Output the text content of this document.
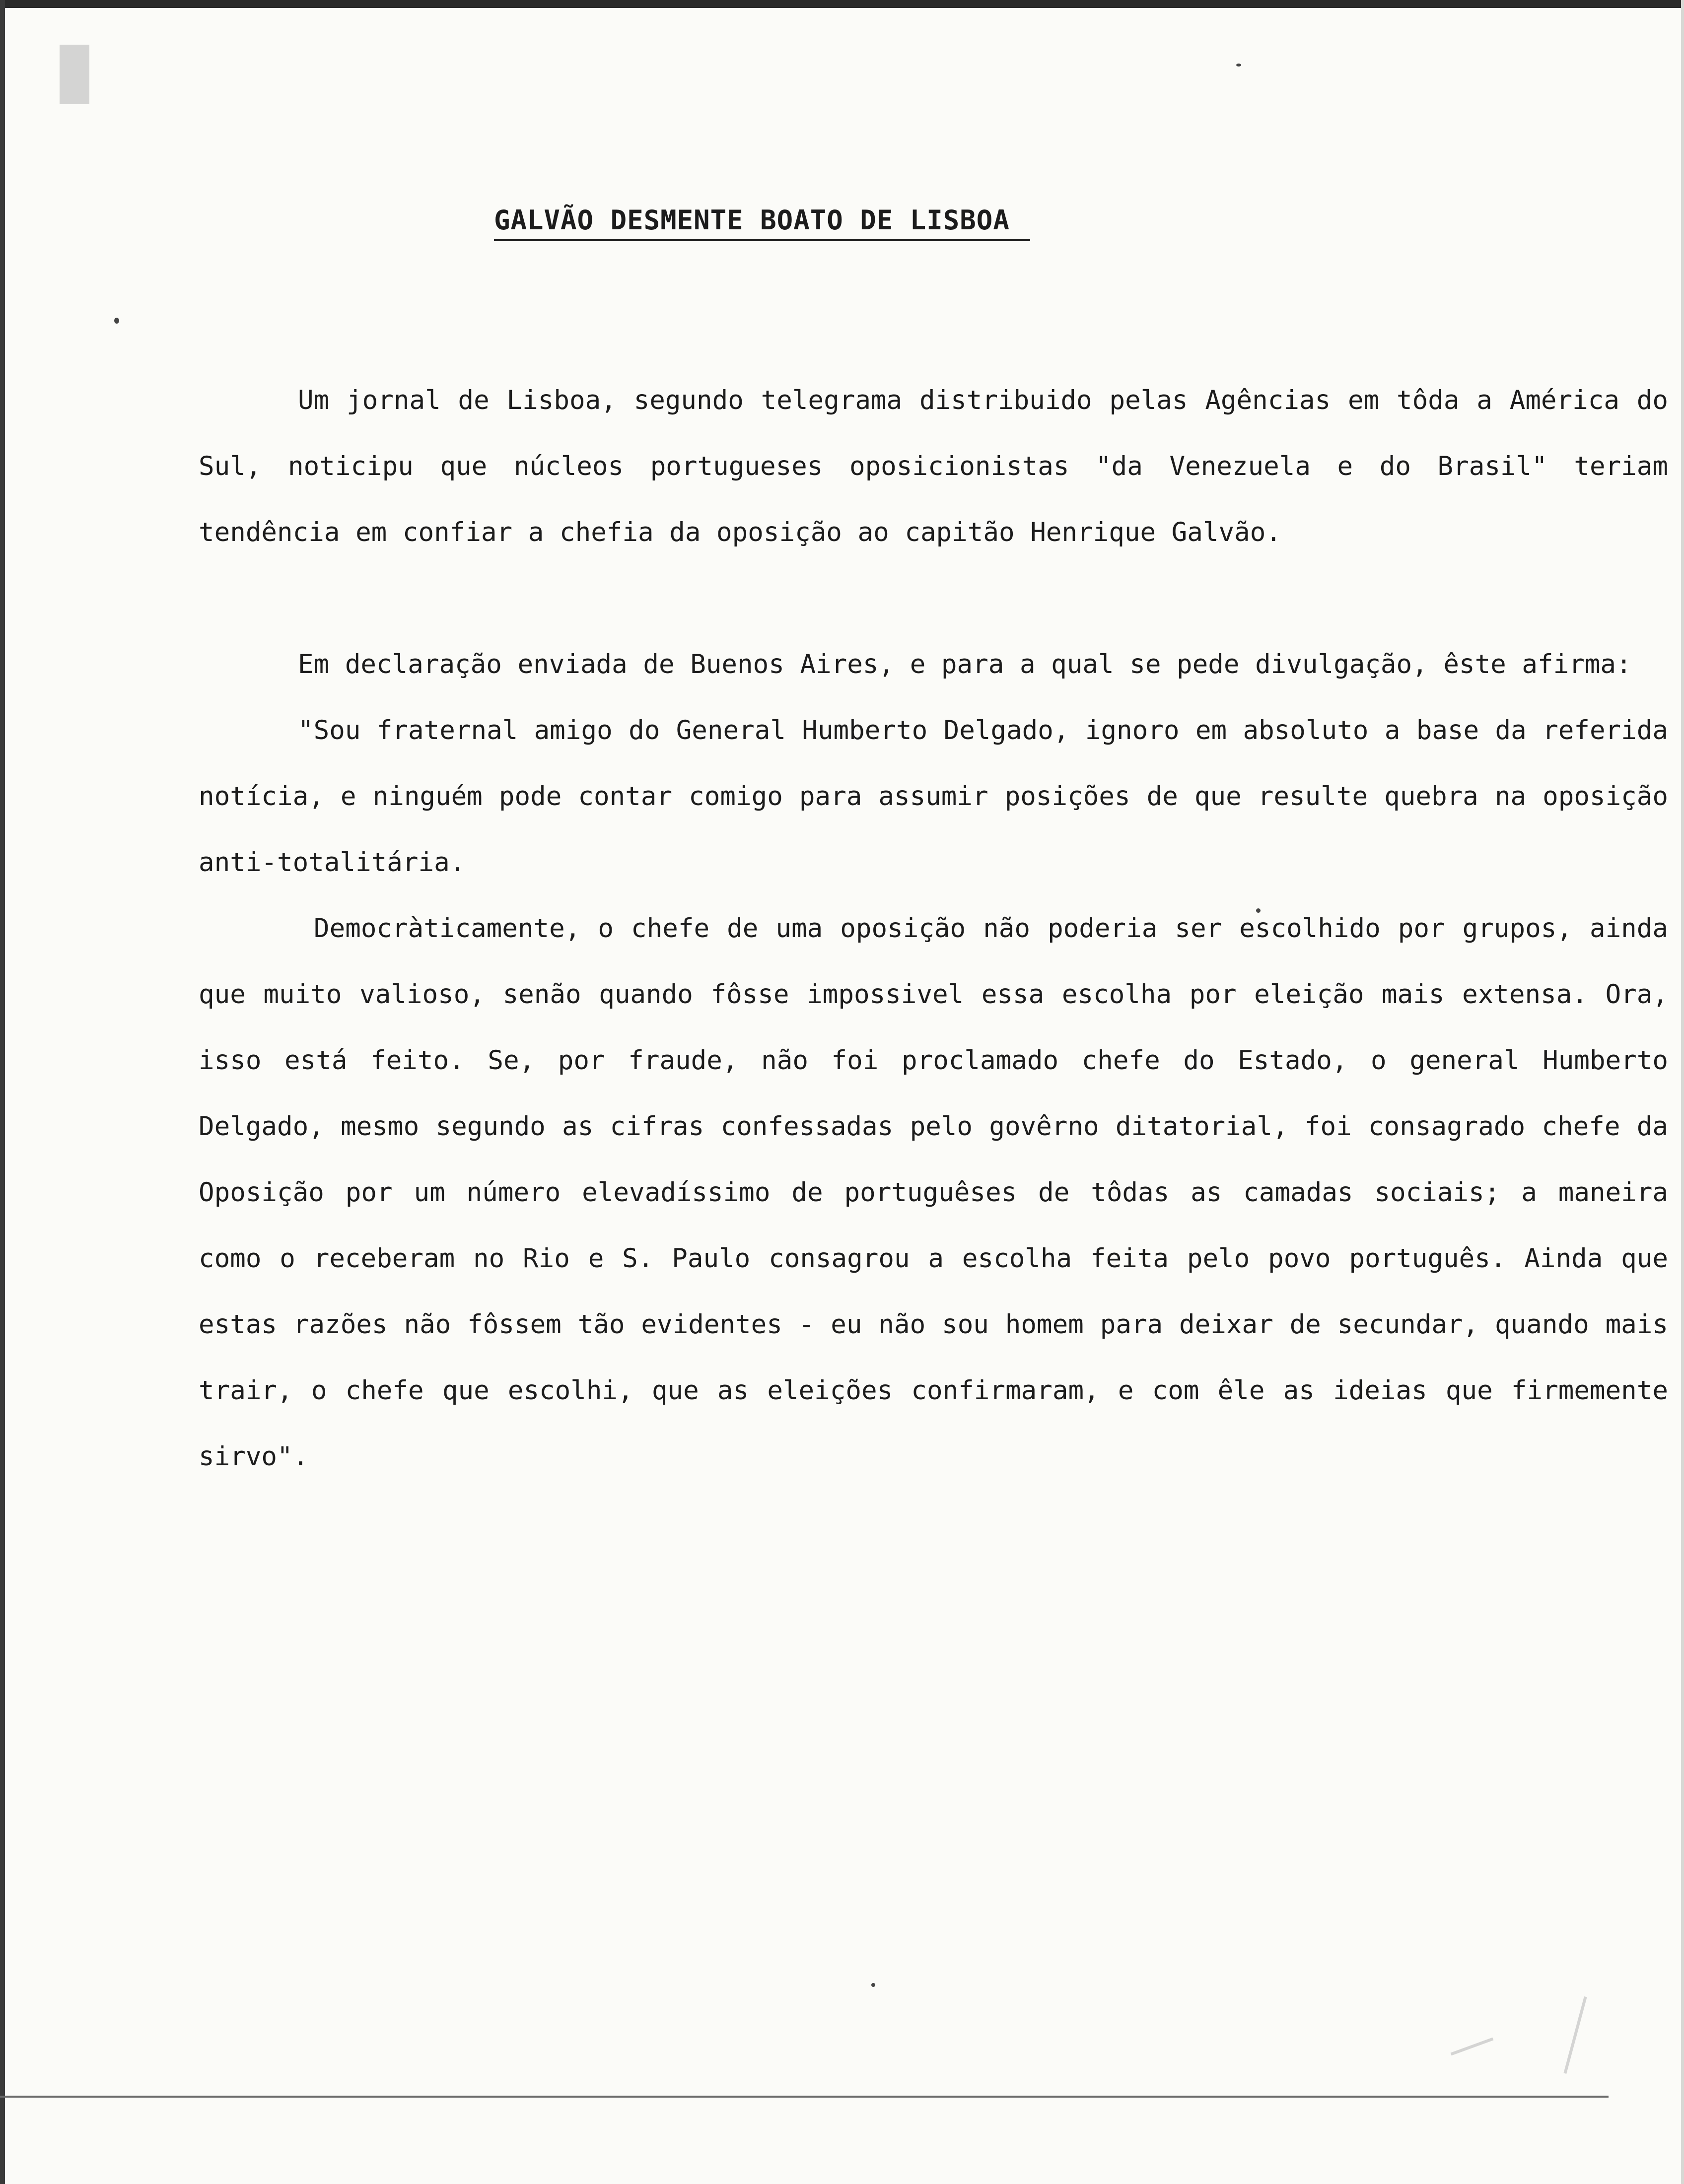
GALVÃO DESMENTE BOATO DE LISBOA

Um jornal de Lisboa, segundo telegrama distribuido pelas Agências em tôda a América do Sul, noticipu que núcleos portugueses oposicionistas "da Venezuela e do Brasil" teriam tendência em confiar a chefia da oposição ao capitão Henrique Galvão.

Em declaração enviada de Buenos Aires, e para a qual se pede divulgação, êste afirma:

"Sou fraternal amigo do General Humberto Delgado, ignoro em absoluto a base da referida notícia, e ninguém pode contar comigo para assumir posições de que resulte quebra na oposição anti-totalitária.

Democràticamente, o chefe de uma oposição não poderia ser escolhido por grupos, ainda que muito valioso, senão quando fôsse impossivel essa escolha por eleição mais extensa. Ora, isso está feito. Se, por fraude, não foi proclamado chefe do Estado, o general Humberto Delgado, mesmo segundo as cifras confessadas pelo govêrno ditatorial, foi consagrado chefe da Oposição por um número elevadíssimo de portuguêses de tôdas as camadas sociais; a maneira como o receberam no Rio e S. Paulo consagrou a escolha feita pelo povo português. Ainda que estas razões não fôssem tão evidentes - eu não sou homem para deixar de secundar, quando mais trair, o chefe que escolhi, que as eleições confirmaram, e com êle as ideias que firmemente sirvo".
